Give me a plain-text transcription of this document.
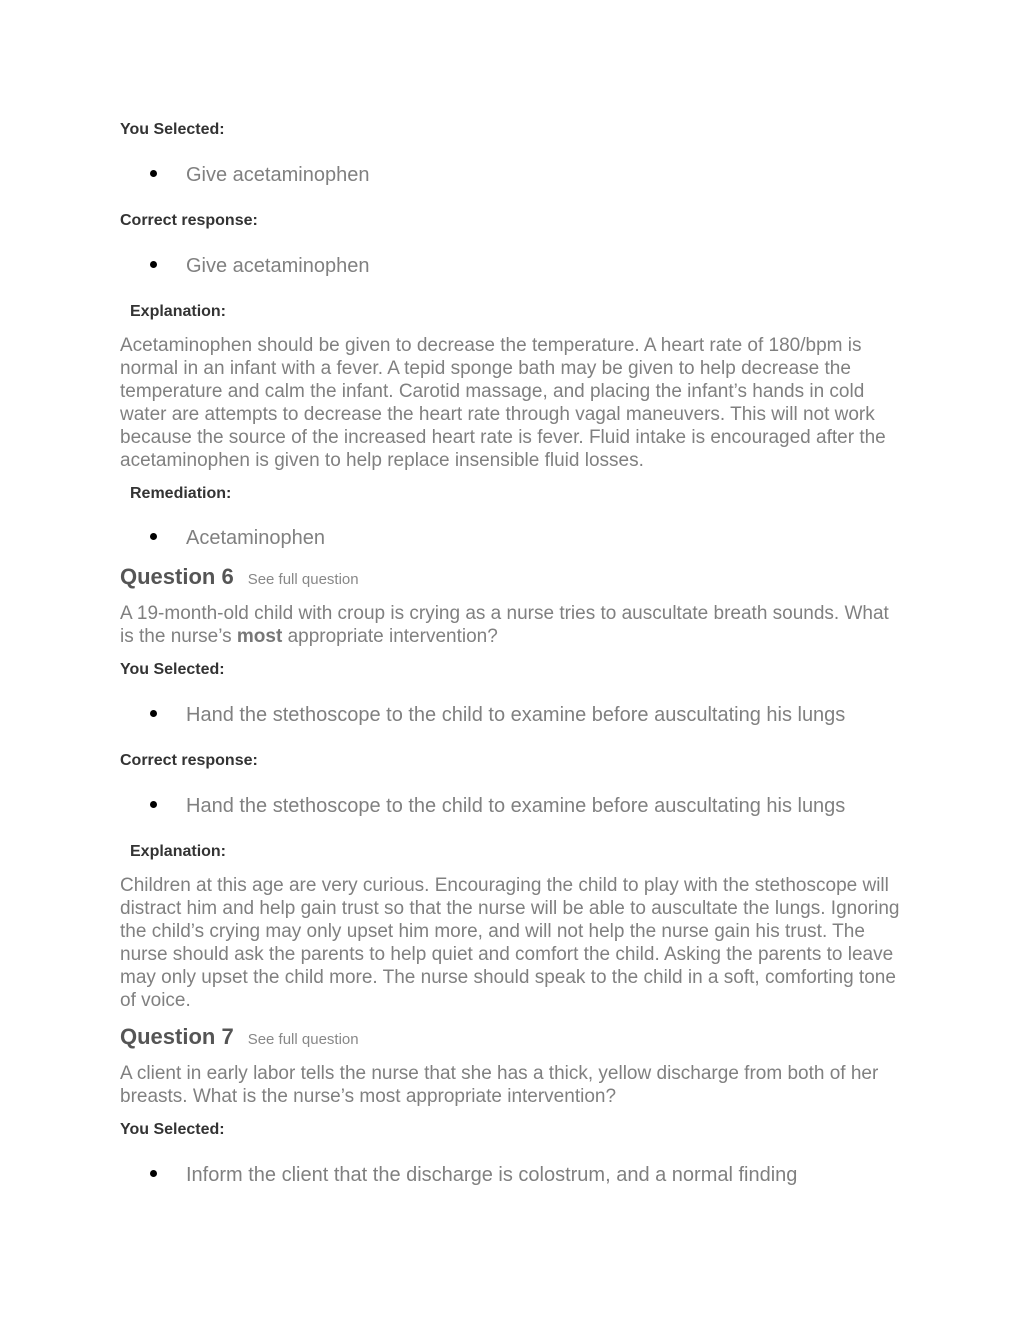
You Selected:
Give acetaminophen
Correct response:
Give acetaminophen
Explanation:
Acetaminophen should be given to decrease the temperature. A heart rate of 180/bpm is normal in an infant with a fever. A tepid sponge bath may be given to help decrease the temperature and calm the infant. Carotid massage, and placing the infant’s hands in cold water are attempts to decrease the heart rate through vagal maneuvers. This will not work because the source of the increased heart rate is fever. Fluid intake is encouraged after the acetaminophen is given to help replace insensible fluid losses.
Remediation:
Acetaminophen
Question 6 See full question
A 19-month-old child with croup is crying as a nurse tries to auscultate breath sounds. What is the nurse’s most appropriate intervention?
You Selected:
Hand the stethoscope to the child to examine before auscultating his lungs
Correct response:
Hand the stethoscope to the child to examine before auscultating his lungs
Explanation:
Children at this age are very curious. Encouraging the child to play with the stethoscope will distract him and help gain trust so that the nurse will be able to auscultate the lungs. Ignoring the child’s crying may only upset him more, and will not help the nurse gain his trust. The nurse should ask the parents to help quiet and comfort the child. Asking the parents to leave may only upset the child more. The nurse should speak to the child in a soft, comforting tone of voice.
Question 7 See full question
A client in early labor tells the nurse that she has a thick, yellow discharge from both of her breasts. What is the nurse’s most appropriate intervention?
You Selected:
Inform the client that the discharge is colostrum, and a normal finding
